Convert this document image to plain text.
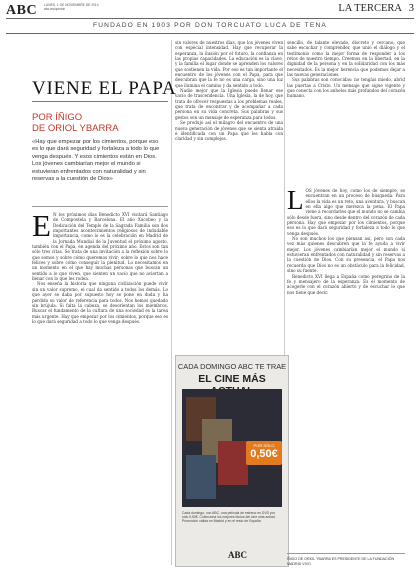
ABC LUNES, 1 DE NOVIEMBRE DE 2010
abc.es/opinion	LA TERCERA 3
FUNDADO EN 1903 POR DON TORCUATO LUCA DE TENA
VIENE EL PAPA
POR ÍÑIGO
DE ORIOL YBARRA
«Hay que empezar por los cimientos, porque eso es lo que dará seguridad y fortaleza a todo lo que venga después. Y esos cimientos están en Dios. Los jóvenes cambiarían mejor el mundo si estuvieran enfrentados con naturalidad y sin reservas a la cuestión de Dios»

E N los próximos días Benedicto XVI visitará Santiago de Compostela y Barcelona. El año Xacobeo y la Dedicación del Templo de la Sagrada Familia son dos importantes acontecimientos religiosos de indudable importancia, como lo es la celebración en Madrid de la Jornada Mundial de la Juventud el próximo agosto, también con el Papa, en agenda del próximo año. Estos son tan sólo tres citas. Se trata de una invitación a la reflexión sobre lo que somos y sobre cómo queremos vivir; sobre lo que nos hace felices y sobre cómo conseguir la plenitud. Lo necesitamos en un momento en el que hay muchas personas que buscan un sentido a lo que viven, que sienten un vacío que no aciertan a llenar con lo que les rodea.

Nos enseña la historia que ninguna civilización puede vivir sin un valor supremo, el cual da sentido a todos los demás. Lo que ayer se daba por supuesto hoy se pone en duda y ha perdido su valor de referencia para todos. Nos hemos quedado sin brújula. Si falta la cabeza, se desorientan los miembros. Buscar el fundamento de la cultura de una sociedad es la tarea más urgente. Hay que empezar por los cimientos, porque eso es lo que dará seguridad a todo lo que venga después.

sin valores de nuestros días, que los jóvenes viven con especial intensidad. Hay que recuperar la esperanza, la ilusión por el futuro, la confianza en las propias capacidades. La educación es la clave, y la familia el lugar donde se aprenden los valores que sostienen la vida. Por eso es tan importante el encuentro de los jóvenes con el Papa, para que descubran que la fe no es una carga, sino una luz que ilumina el camino y da sentido a todo.

Nadie mejor que la Iglesia puede llenar ese vacío de trascendencia. Una Iglesia, la de hoy, que trata de ofrecer respuestas a los problemas reales, que trata de encontrar y de acompañar a cada persona en su vida concreta. Sus palabras y sus gestos son un mensaje de esperanza para todos.

Se produjo así el milagro del encuentro de una nueva generación de jóvenes que se sienta atraída e identificada con un Papa que les habla con claridad y sin complejos.

CADA DOMINGO ABC TE TRAE
EL CINE MÁS
POR SÓLO
0,50€
Cada domingo, con ABC, una película de estreno en DVD por sólo 0,50€. Colecciona los mejores títulos del cine más actual. Promoción válida en Madrid y en el resto de España.
ABC

sencillo, de talante elevado, discreto y cercano, que sabe escuchar y comprender, que unió el diálogo y el testimonio como la mejor forma de responder a los retos de nuestro tiempo. Creemos en la libertad, en la dignidad de la persona y en la solidaridad con los más necesitados. Es la mejor herencia que podemos dejar a las nuevas generaciones.

Sus palabras son conocidas: no tengáis miedo, abrid las puertas a Cristo. Un mensaje que sigue vigente y que conecta con los anhelos más profundos del corazón humano.

LOS jóvenes de hoy, como los de siempre, se encuentran en un proceso de búsqueda. Para ellos la vida es un reto, una aventura, y buscan en ella algo que merezca la pena. El Papa viene a recordarles que el mundo no se cambia sólo desde fuera, sino desde dentro del corazón de cada persona. Hay que empezar por los cimientos, porque eso es lo que dará seguridad y fortaleza a todo lo que venga después.

No son muchos los que piensan así, pero son cada vez más quienes descubren que la fe ayuda a vivir mejor. Los jóvenes cambiarían mejor el mundo si estuvieran enfrentados con naturalidad y sin reservas a la cuestión de Dios. Con su presencia, el Papa nos recuerda que Dios no es un obstáculo para la felicidad, sino su fuente.

Benedicto XVI llega a España como peregrino de la fe y mensajero de la esperanza. Es el momento de acogerle con el corazón abierto y de escuchar lo que nos tiene que decir.

ÍÑIGO DE ORIOL YBARRA ES PRESIDENTE DE LA FUNDACIÓN MADRID VIVO
